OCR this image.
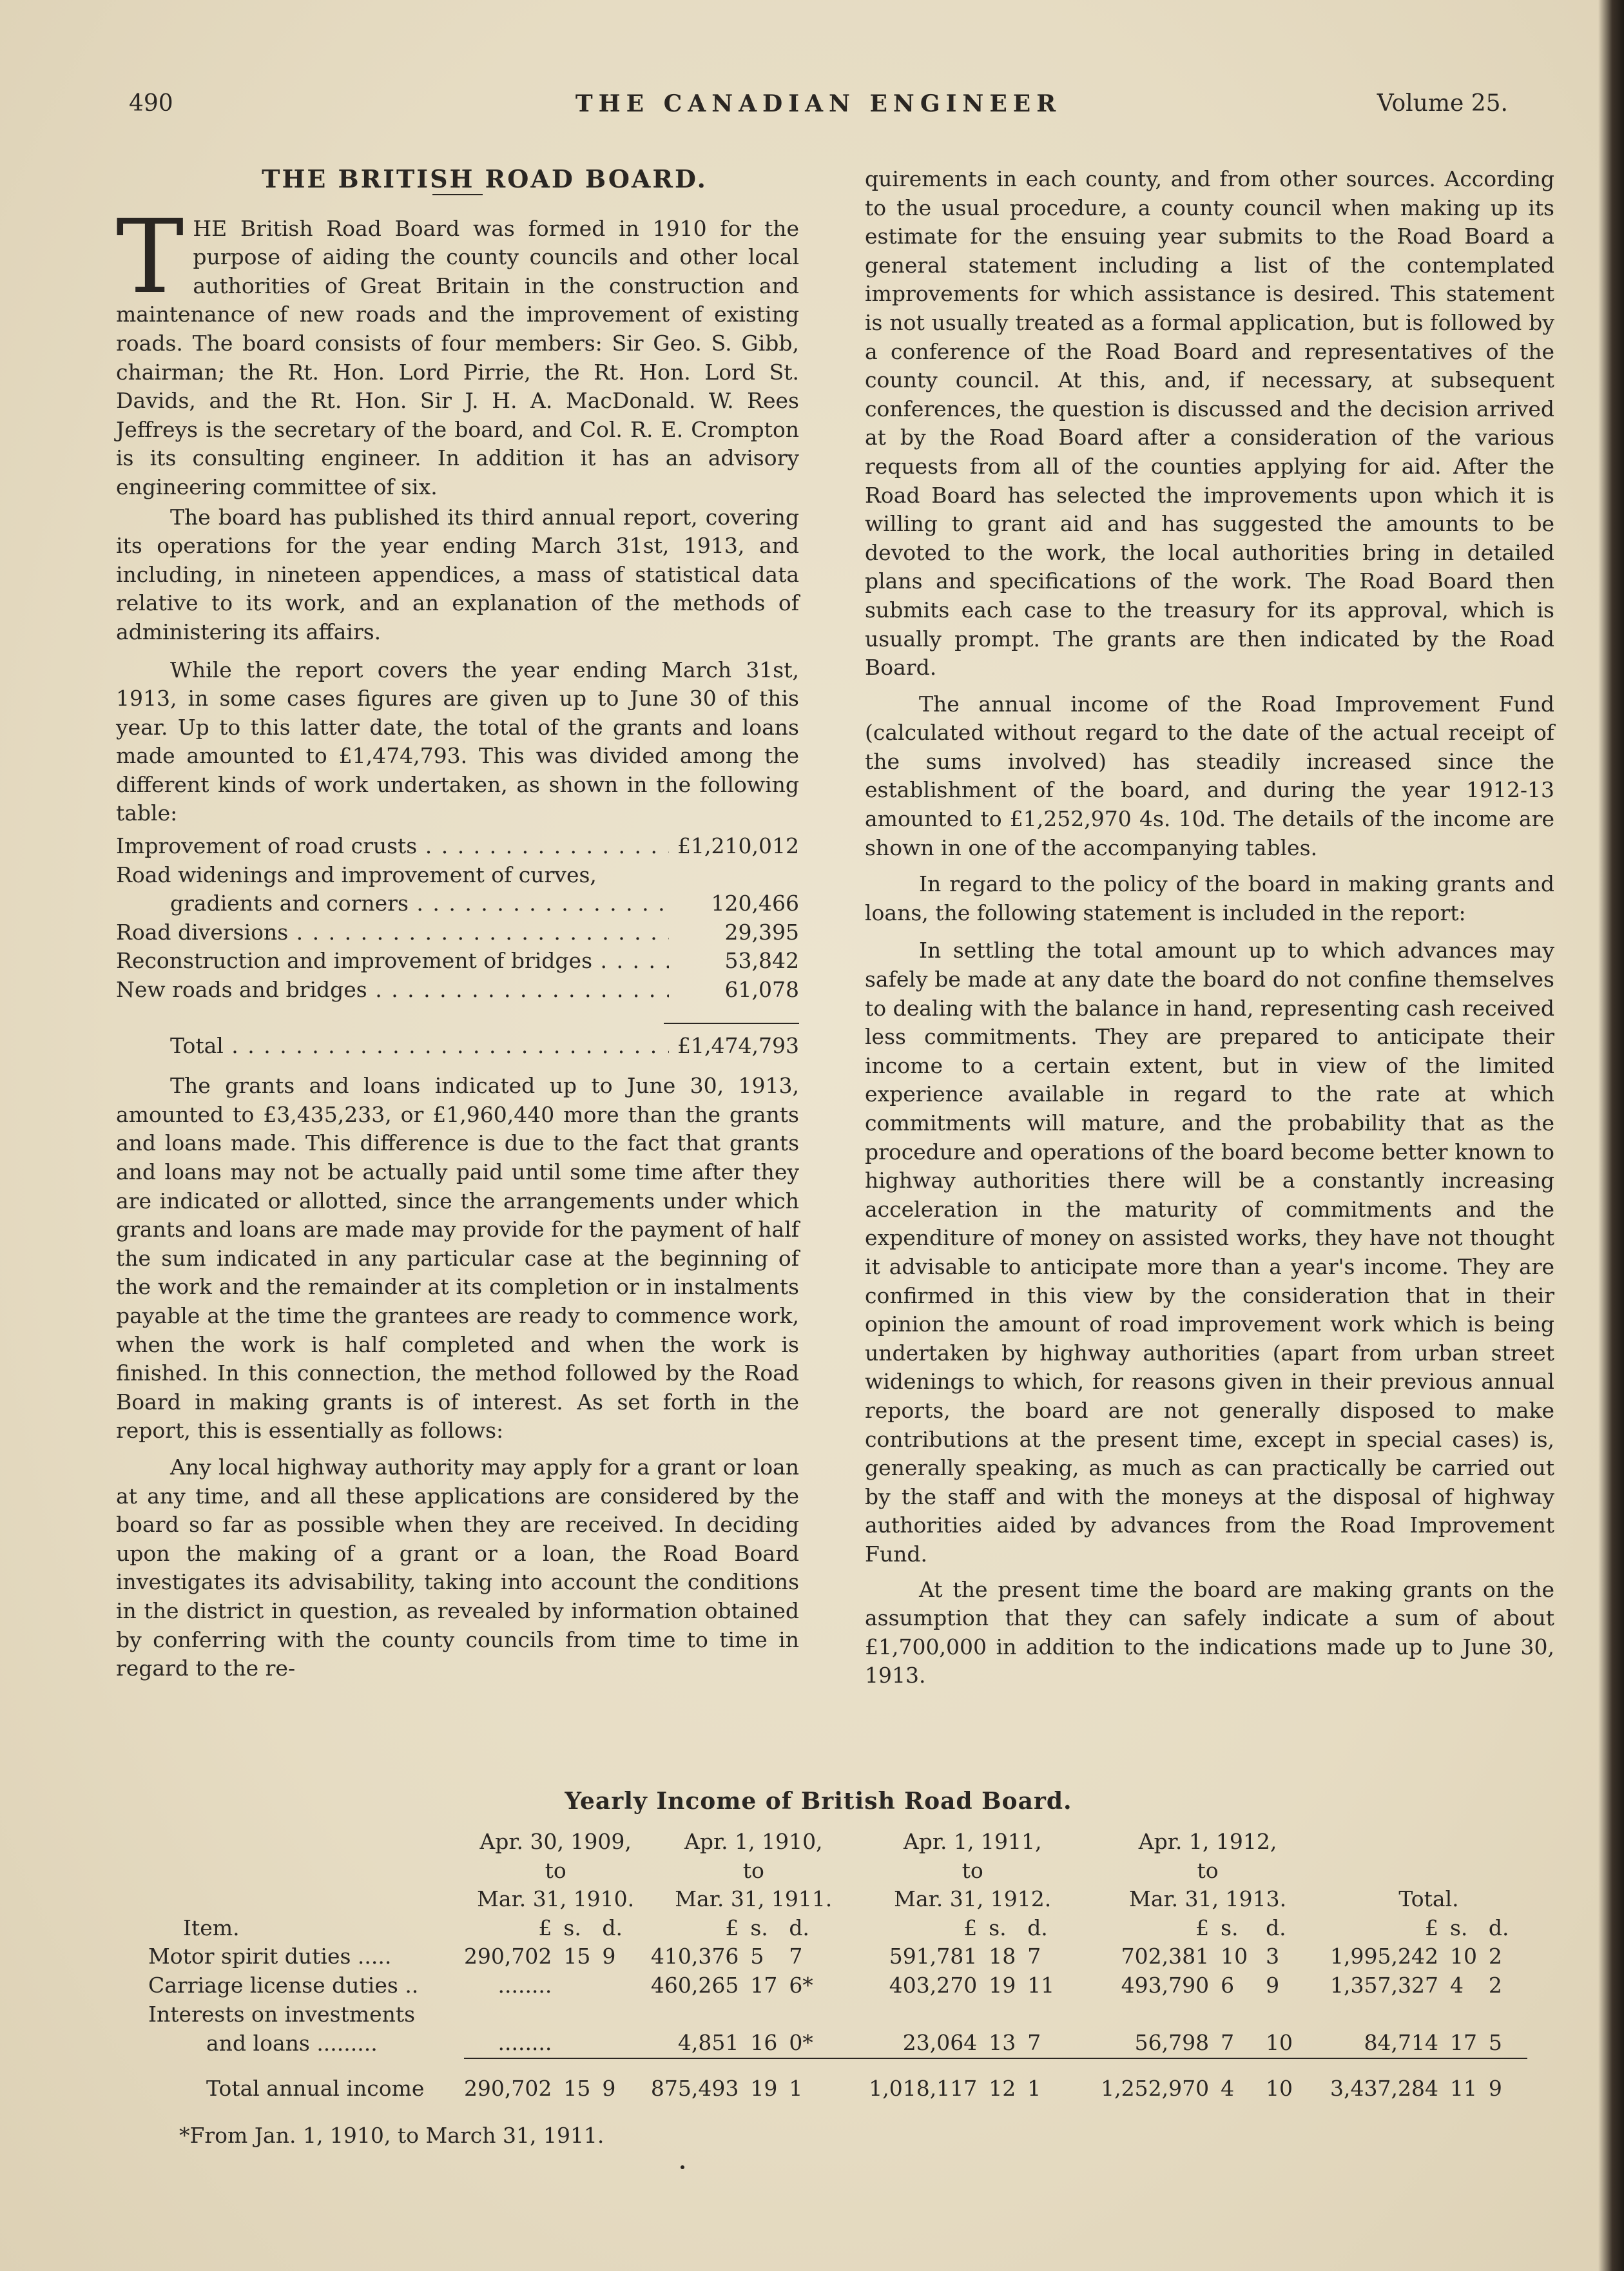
490	THE CANADIAN ENGINEER	Volume 25.

THE BRITISH ROAD BOARD.

THE British Road Board was formed in 1910 for the purpose of aiding the county councils and other local authorities of Great Britain in the construction and maintenance of new roads and the improvement of existing roads. The board consists of four members: Sir Geo. S. Gibb, chairman; the Rt. Hon. Lord Pirrie, the Rt. Hon. Lord St. Davids, and the Rt. Hon. Sir J. H. A. MacDonald. W. Rees Jeffreys is the secretary of the board, and Col. R. E. Crompton is its consulting engineer. In addition it has an advisory engineering committee of six.

The board has published its third annual report, covering its operations for the year ending March 31st, 1913, and including, in nineteen appendices, a mass of statistical data relative to its work, and an explanation of the methods of administering its affairs.

While the report covers the year ending March 31st, 1913, in some cases figures are given up to June 30 of this year. Up to this latter date, the total of the grants and loans made amounted to £1,474,793. This was divided among the different kinds of work undertaken, as shown in the following table:

Improvement of road crusts . . .	£1,210,012
Road widenings and improvement of curves,
gradients and corners . . .	120,466
Road diversions . . .	29,395
Reconstruction and improvement of bridges . . .	53,842
New roads and bridges . . .	61,078
Total . . .	£1,474,793

The grants and loans indicated up to June 30, 1913, amounted to £3,435,233, or £1,960,440 more than the grants and loans made. This difference is due to the fact that grants and loans may not be actually paid until some time after they are indicated or allotted, since the arrangements under which grants and loans are made may provide for the payment of half the sum indicated in any particular case at the beginning of the work and the remainder at its completion or in instalments payable at the time the grantees are ready to commence work, when the work is half completed and when the work is finished. In this connection, the method followed by the Road Board in making grants is of interest. As set forth in the report, this is essentially as follows:

Any local highway authority may apply for a grant or loan at any time, and all these applications are considered by the board so far as possible when they are received. In deciding upon the making of a grant or a loan, the Road Board investigates its advisability, taking into account the conditions in the district in question, as revealed by information obtained by conferring with the county councils from time to time in regard to the re-

quirements in each county, and from other sources. According to the usual procedure, a county council when making up its estimate for the ensuing year submits to the Road Board a general statement including a list of the contemplated improvements for which assistance is desired. This statement is not usually treated as a formal application, but is followed by a conference of the Road Board and representatives of the county council. At this, and, if necessary, at subsequent conferences, the question is discussed and the decision arrived at by the Road Board after a consideration of the various requests from all of the counties applying for aid. After the Road Board has selected the improvements upon which it is willing to grant aid and has suggested the amounts to be devoted to the work, the local authorities bring in detailed plans and specifications of the work. The Road Board then submits each case to the treasury for its approval, which is usually prompt. The grants are then indicated by the Road Board.

The annual income of the Road Improvement Fund (calculated without regard to the date of the actual receipt of the sums involved) has steadily increased since the establishment of the board, and during the year 1912-13 amounted to £1,252,970 4s. 10d. The details of the income are shown in one of the accompanying tables.

In regard to the policy of the board in making grants and loans, the following statement is included in the report:

In settling the total amount up to which advances may safely be made at any date the board do not confine themselves to dealing with the balance in hand, representing cash received less commitments. They are prepared to anticipate their income to a certain extent, but in view of the limited experience available in regard to the rate at which commitments will mature, and the probability that as the procedure and operations of the board become better known to highway authorities there will be a constantly increasing acceleration in the maturity of commitments and the expenditure of money on assisted works, they have not thought it advisable to anticipate more than a year's income. They are confirmed in this view by the consideration that in their opinion the amount of road improvement work which is being undertaken by highway authorities (apart from urban street widenings to which, for reasons given in their previous annual reports, the board are not generally disposed to make contributions at the present time, except in special cases) is, generally speaking, as much as can practically be carried out by the staff and with the moneys at the disposal of highway authorities aided by advances from the Road Improvement Fund.

At the present time the board are making grants on the assumption that they can safely indicate a sum of about £1,700,000 in addition to the indications made up to June 30, 1913.

Yearly Income of British Road Board.
	Apr. 30, 1909,			Apr. 1, 1910,			Apr. 1, 1911,			Apr. 1, 1912,					
	to			to			to			to					
	Mar. 31, 1910.			Mar. 31, 1911.			Mar. 31, 1912.			Mar. 31, 1913.			Total.		
Item.	£	s.	d.	£	s.	d.	£	s.	d.	£	s.	d.	£	s.	d.
Motor spirit duties .....	290,702	15	9	410,376	5	7	591,781	18	7	702,381	10	3	1,995,242	10	2
Carriage license duties ..	........			460,265	17	6*	403,270	19	11	493,790	6	9	1,357,327	4	2
Interests on investments															
and loans .........	........			4,851	16	0*	23,064	13	7	56,798	7	10	84,714	17	5
Total annual income	290,702	15	9	875,493	19	1	1,018,117	12	1	1,252,970	4	10	3,437,284	11	9
*From Jan. 1, 1910, to March 31, 1911.
